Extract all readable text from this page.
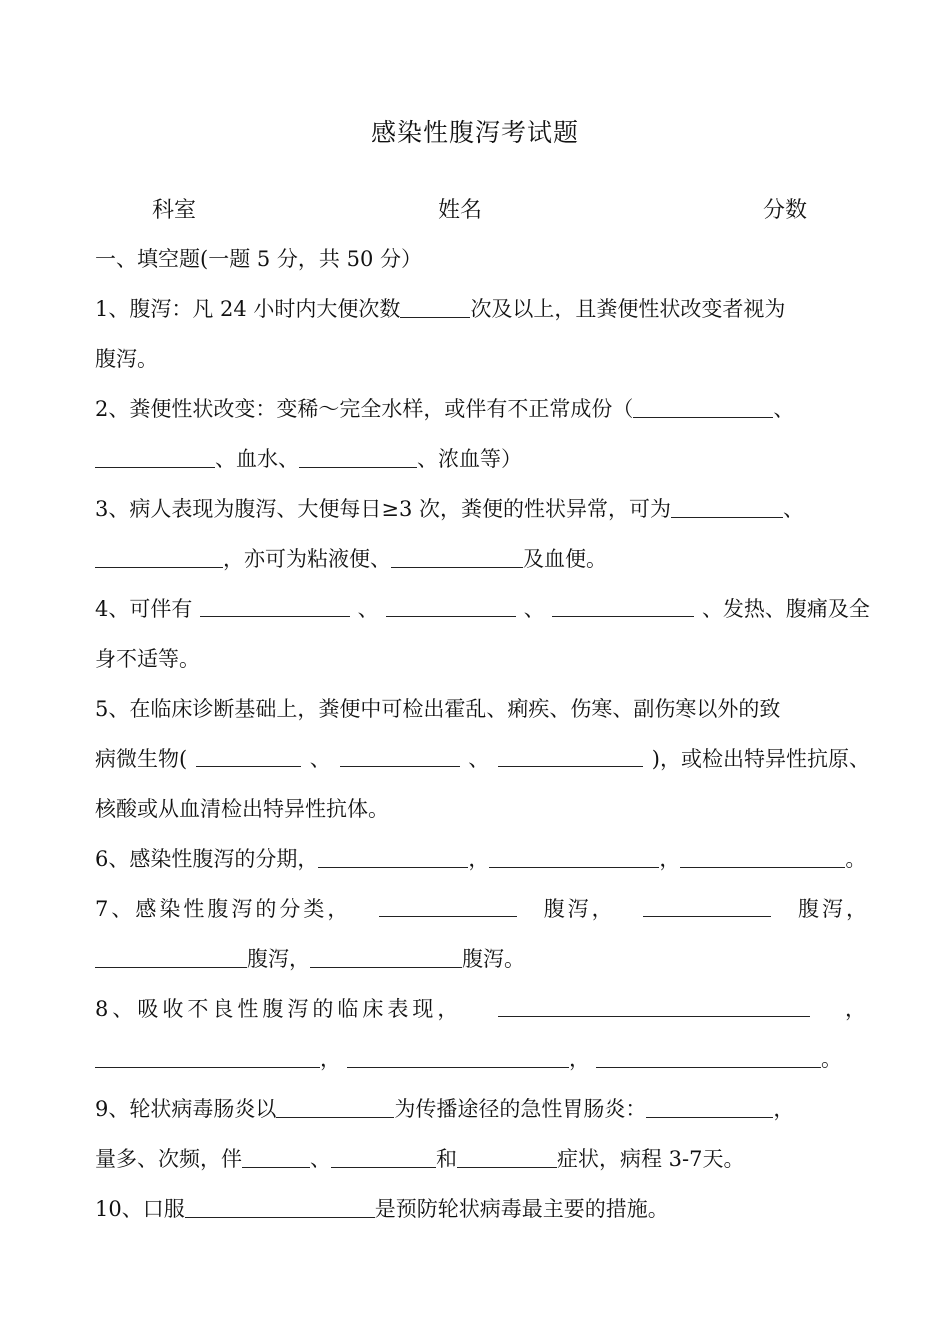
感染性腹泻考试题
科室	姓名	分数
一、填空题(一题 5 分，共 50 分）
1、腹泻：凡 24 小时内大便次数	次及以上，且粪便性状改变者视为
腹泻。
2、粪便性状改变：变稀～完全水样，或伴有不正常成份（	、
、血水、	、浓血等）
3、病人表现为腹泻、大便每日≥3 次，粪便的性状异常，可为	、
，亦可为粘液便、	及血便。
4、可伴有	、	、	、发热、腹痛及全
身不适等。
5、在临床诊断基础上，粪便中可检出霍乱、痢疾、伤寒、副伤寒以外的致
病微生物(	、	、	)，或检出特异性抗原、
核酸或从血清检出特异性抗体。
6、感染性腹泻的分期，	，	，	。
7、感染性腹泻的分类，	腹泻，	腹泻，
腹泻，	腹泻。
8、吸收不良性腹泻的临床表现，	，
，	，	。
9、轮状病毒肠炎以	为传播途径的急性胃肠炎：	，
量多、次频，伴	、	和	症状，病程 3-7天。
10、口服	是预防轮状病毒最主要的措施。
